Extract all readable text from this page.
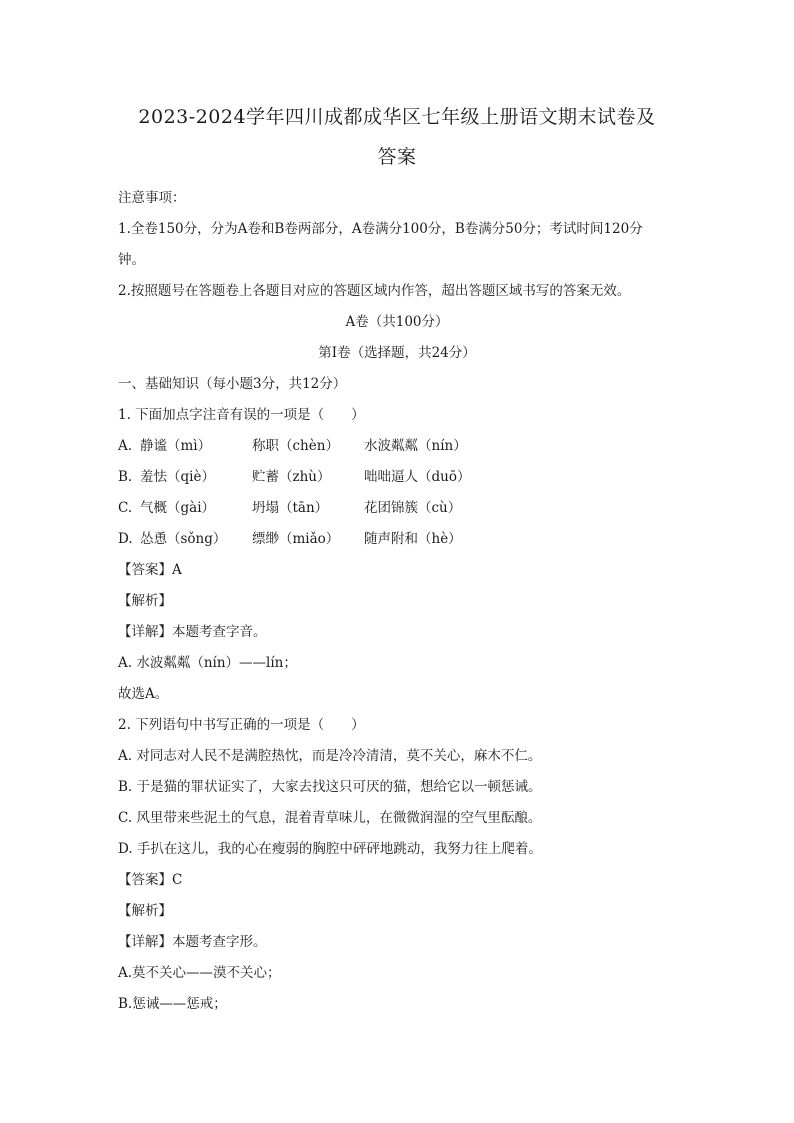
2023-2024学年四川成都成华区七年级上册语文期末试卷及
答案
注意事项：
1.全卷150分，分为A卷和B卷两部分，A卷满分100分，B卷满分50分；考试时间120分
钟。
2.按照题号在答题卷上各题目对应的答题区域内作答，超出答题区域书写的答案无效。
A卷（共100分）
第Ⅰ卷（选择题，共24分）
一、基础知识（每小题3分，共12分）
1. 下面加点字注音有误的一项是（　　）
A. 静谧（mì）	称职（chèn） 水波粼粼（nín）
B. 羞怯（qiè）	贮蓄（zhù） 咄咄逼人（duō）
C. 气概（gài）	坍塌（tān）	花团锦簇（cù）
D. 怂恿（sǒng） 缥缈（miǎo） 随声附和（hè）
【答案】A
【解析】
【详解】本题考查字音。
A. 水波粼粼（nín）——lín；
故选A。
2. 下列语句中书写正确的一项是（　　）
A. 对同志对人民不是满腔热忱，而是冷冷清清，莫不关心，麻木不仁。
B. 于是猫的罪状证实了，大家去找这只可厌的猫，想给它以一顿惩诫。
C. 风里带来些泥土的气息，混着青草味儿，在微微润湿的空气里酝酿。
D. 手扒在这儿，我的心在瘦弱的胸腔中砰砰地跳动，我努力往上爬着。
【答案】C
【解析】
【详解】本题考查字形。
A.莫不关心——漠不关心；
B.惩诫——惩戒；
